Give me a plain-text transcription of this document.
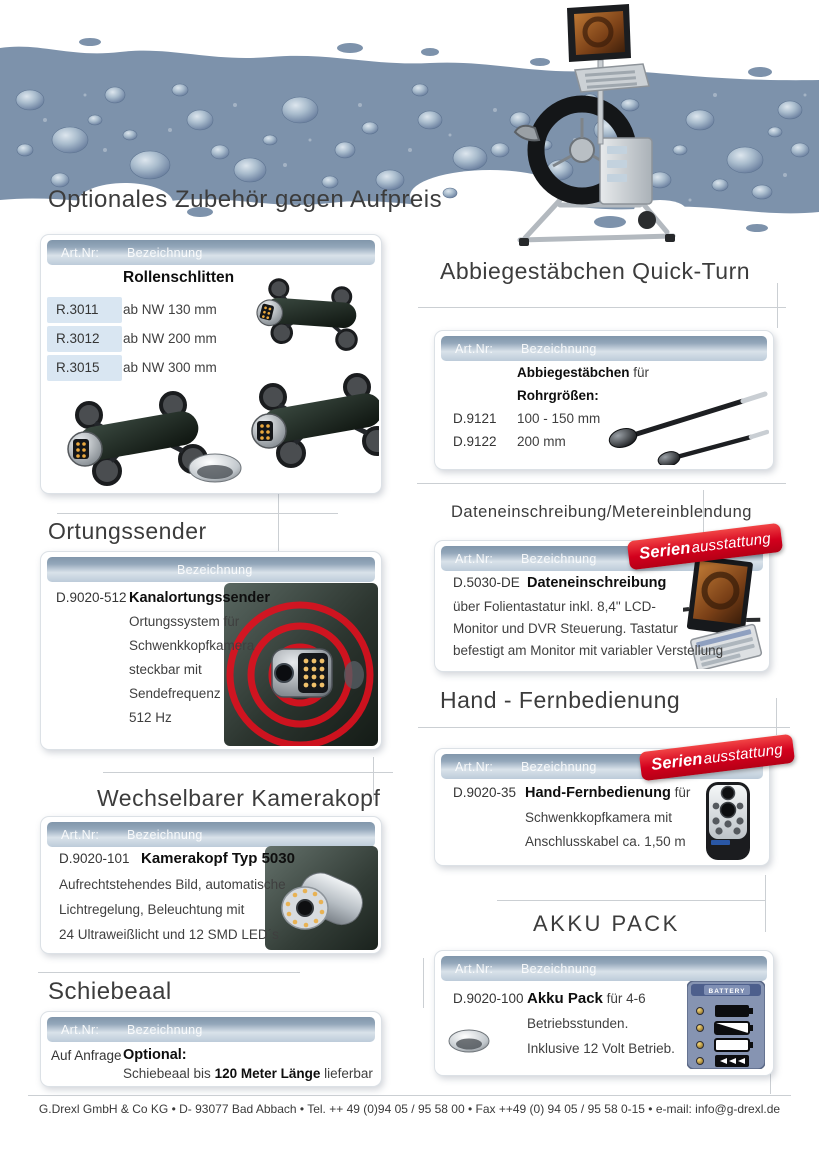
Optionales Zubehör gegen Aufpreis
Abbiegestäbchen Quick-Turn
Ortungssender
Dateneinschreibung/Metereinblendung
Hand - Fernbedienung
Wechselbarer Kamerakopf
Schiebeaal
AKKU PACK
Art.Nr: Bezeichnung
Rollenschlitten
R.3011	ab NW 130 mm
R.3012	ab NW 200 mm
R.3015	ab NW 300 mm
Art.Nr: Bezeichnung
Abbiegestäbchen für
Rohrgrößen:
D.9121 100 - 150 mm
D.9122 200 mm
Bezeichnung
D.9020-512 Kanalortungssender
Ortungssystem für
Schwenkkopfkamera
steckbar mit
Sendefrequenz
512 Hz
Art.Nr: Bezeichnung
D.5030-DE Dateneinschreibung
über Folientastatur inkl. 8,4" LCD-
Monitor und DVR Steuerung. Tastatur
befestigt am Monitor mit variabler Verstellung
Serienausstattung
Art.Nr: Bezeichnung
D.9020-35 Hand-Fernbedienung für
Schwenkkopfkamera mit
Anschlusskabel ca. 1,50 m
Serienausstattung
Art.Nr: Bezeichnung
D.9020-101 Kamerakopf Typ 5030
Aufrechtstehendes Bild, automatische
Lichtregelung, Beleuchtung mit
24 Ultraweißlicht und 12 SMD LED´s
Art.Nr: Bezeichnung
Auf Anfrage Optional:
Schiebeaal bis 120 Meter Länge lieferbar
Art.Nr: Bezeichnung
BATTERY
D.9020-100 Akku Pack für 4-6
Betriebsstunden.
Inklusive 12 Volt Betrieb.
G.Drexl GmbH & Co KG • D- 93077 Bad Abbach • Tel. ++ 49 (0)94 05 / 95 58 00 • Fax ++49 (0) 94 05 / 95 58 0-15 • e-mail: info@g-drexl.de
